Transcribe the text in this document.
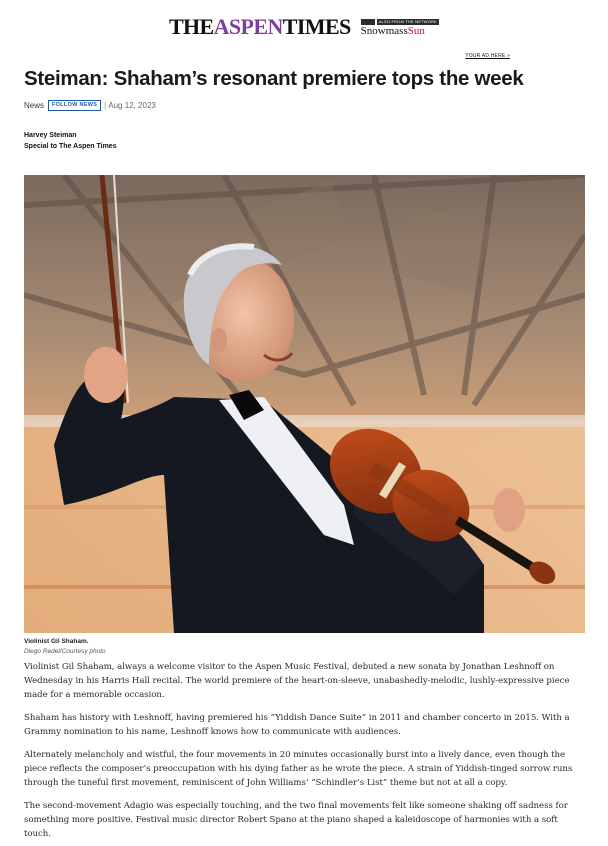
THEASPENTIMES	ALSO FROM THE NETWORK
SnowmassSun
YOUR AD HERE »
Steiman: Shaham’s resonant premiere tops the week
News	FOLLOW NEWS | Aug 12, 2023
Harvey Steiman
Special to The Aspen Times
Violinist Gil Shaham.
Diego Redel/Courtesy photo

Violinist Gil Shaham, always a welcome visitor to the Aspen Music Festival, debuted a new sonata by Jonathan Leshnoff on Wednesday in his Harris Hall recital. The world premiere of the heart-on-sleeve, unabashedly-melodic, lushly-expressive piece made for a memorable occasion.

Shaham has history with Leshnoff, having premiered his “Yiddish Dance Suite” in 2011 and chamber concerto in 2015. With a Grammy nomination to his name, Leshnoff knows how to communicate with audiences.

Alternately melancholy and wistful, the four movements in 20 minutes occasionally burst into a lively dance, even though the piece reflects the composer’s preoccupation with his dying father as he wrote the piece. A strain of Yiddish-tinged sorrow runs through the tuneful first movement, reminiscent of John Williams’ “Schindler’s List” theme but not at all a copy.

The second-movement Adagio was especially touching, and the two final movements felt like someone shaking off sadness for something more positive. Festival music director Robert Spano at the piano shaped a kaleidoscope of harmonies with a soft touch.
